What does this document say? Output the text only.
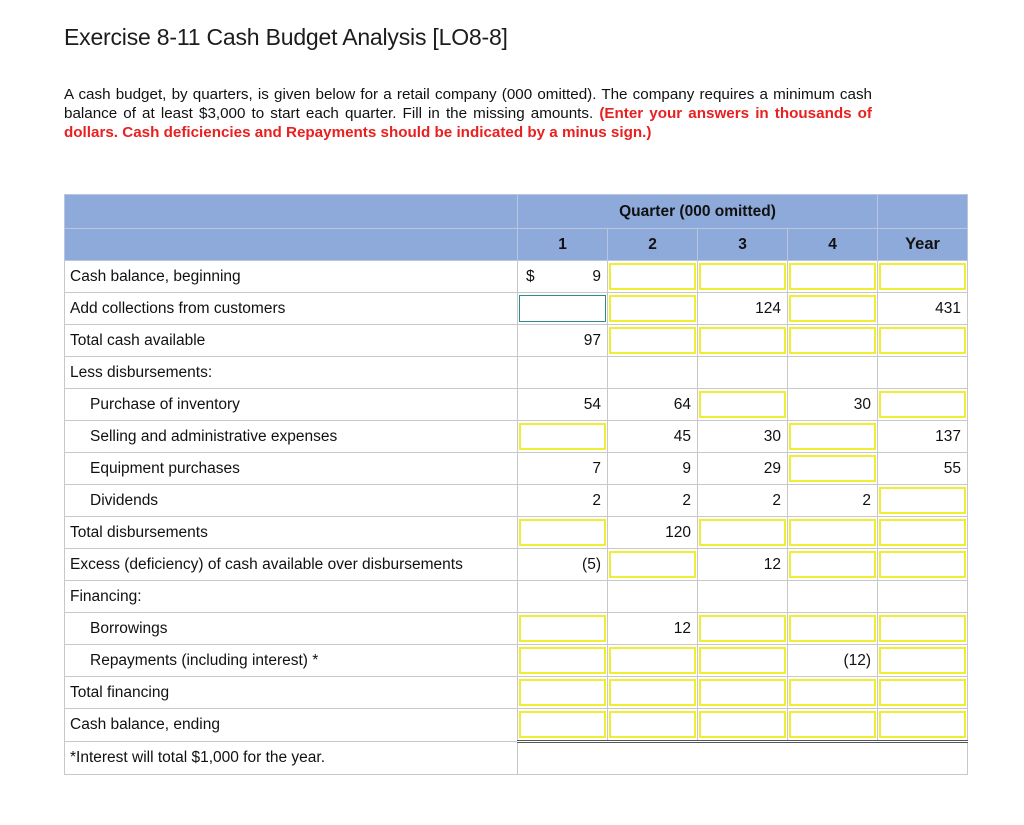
Exercise 8-11 Cash Budget Analysis [LO8-8]
A cash budget, by quarters, is given below for a retail company (000 omitted). The company requires a minimum cash balance of at least $3,000 to start each quarter. Fill in the missing amounts. (Enter your answers in thousands of dollars. Cash deficiencies and Repayments should be indicated by a minus sign.)
	Quarter (000 omitted)				
	1	2	3	4	Year
Cash balance, beginning	$ 9				

Add collections from customers			124		431

Total cash available	97				

Less disbursements:	

Purchase of inventory	54	64		30	

Selling and administrative expenses		45	30		137

Equipment purchases	7	9	29		55

Dividends	2	2	2	2	

Total disbursements		120			

Excess (deficiency) of cash available over disbursements	(5)		12		

Financing:	

Borrowings		12			

Repayments (including interest) *				(12)	

Total financing	

Cash balance, ending	

*Interest will total $1,000 for the year.					
